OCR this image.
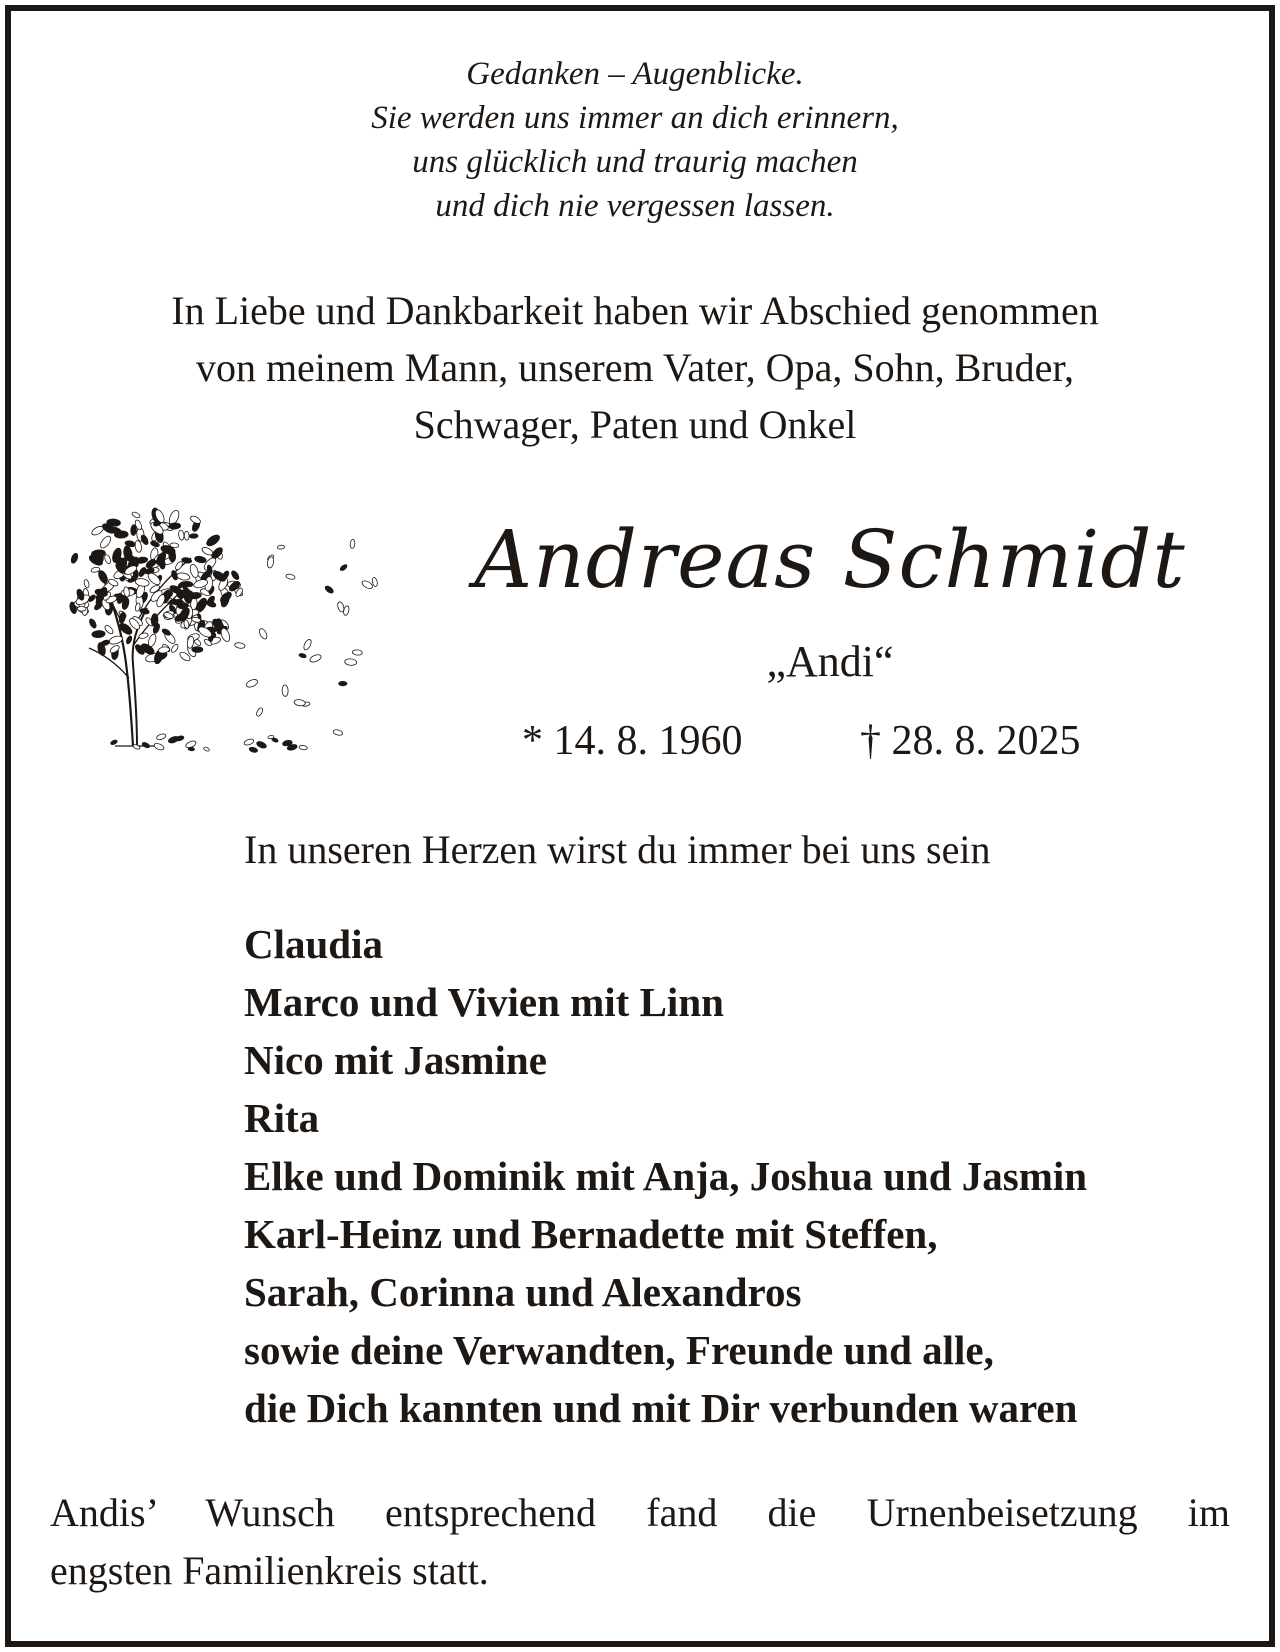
Gedanken – Augenblicke.
Sie werden uns immer an dich erinnern,
uns glücklich und traurig machen
und dich nie vergessen lassen.
In Liebe und Dankbarkeit haben wir Abschied genommen
von meinem Mann, unserem Vater, Opa, Sohn, Bruder,
Schwager, Paten und Onkel
Andreas Schmidt
„Andi“
* 14. 8. 1960	† 28. 8. 2025
In unseren Herzen wirst du immer bei uns sein
Claudia
Marco und Vivien mit Linn
Nico mit Jasmine
Rita
Elke und Dominik mit Anja, Joshua und Jasmin
Karl-Heinz und Bernadette mit Steffen,
Sarah, Corinna und Alexandros
sowie deine Verwandten, Freunde und alle,
die Dich kannten und mit Dir verbunden waren
Andis’ Wunsch entsprechend fand die Urnenbeisetzung im
engsten Familienkreis statt.
